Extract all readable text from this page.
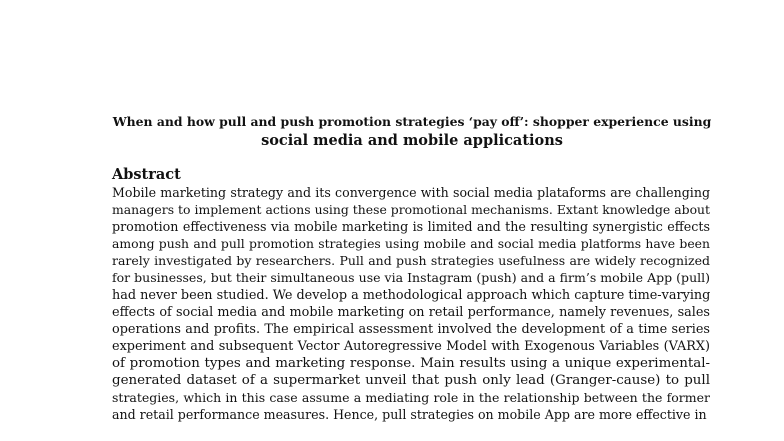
When and how pull and push promotion strategies ‘pay off’: shopper experience using
social media and mobile applications
Abstract
Mobile marketing strategy and its convergence with social media plataforms are challenging
managers to implement actions using these promotional mechanisms. Extant knowledge about
promotion effectiveness via mobile marketing is limited and the resulting synergistic effects
among push and pull promotion strategies using mobile and social media platforms have been
rarely investigated by researchers. Pull and push strategies usefulness are widely recognized
for businesses, but their simultaneous use via Instagram (push) and a firm’s mobile App (pull)
had never been studied. We develop a methodological approach which capture time-varying
effects of social media and mobile marketing on retail performance, namely revenues, sales
operations and profits. The empirical assessment involved the development of a time series
experiment and subsequent Vector Autoregressive Model with Exogenous Variables (VARX)
of promotion types and marketing response. Main results using a unique experimental-
generated dataset of a supermarket unveil that push only lead (Granger-cause) to pull
strategies, which in this case assume a mediating role in the relationship between the former
and retail performance measures. Hence, pull strategies on mobile App are more effective in
